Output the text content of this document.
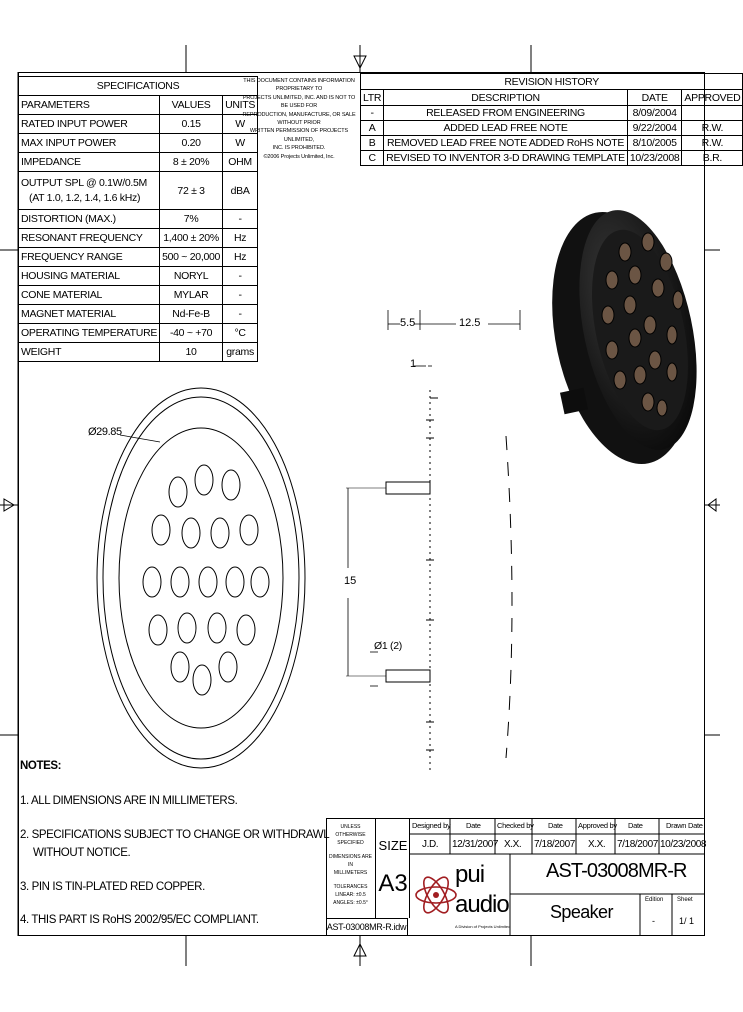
SPECIFICATIONS		
PARAMETERS	VALUES	UNITS
RATED INPUT POWER	0.15	W
MAX INPUT POWER	0.20	W
IMPEDANCE	8 ± 20%	OHM

OUTPUT SPL @ 0.1W/0.5M
(AT 1.0, 1.2, 1.4, 1.6 kHz)	72 ± 3	dBA
DISTORTION (MAX.)	7%	-
RESONANT FREQUENCY	1,400 ± 20%	Hz
FREQUENCY RANGE	500 ~ 20,000	Hz
HOUSING MATERIAL	NORYL	-
CONE MATERIAL	MYLAR	-
MAGNET MATERIAL	Nd-Fe-B	-
OPERATING TEMPERATURE	-40 ~ +70	°C
WEIGHT	10	grams
THIS DOCUMENT CONTAINS INFORMATION PROPRIETARY TO
PROJECTS UNLIMITED, INC. AND IS NOT TO BE USED FOR
REPRODUCTION, MANUFACTURE, OR SALE WITHOUT PRIOR
WRITTEN PERMISSION OF PROJECTS UNLIMITED,
INC. IS PROHIBITED.
©2006 Projects Unlimited, Inc.
REVISION HISTORY			
LTR	DESCRIPTION	DATE	APPROVED
-	RELEASED FROM ENGINEERING	8/09/2004	
A	ADDED LEAD FREE NOTE	9/22/2004	R.W.
B	REMOVED LEAD FREE NOTE ADDED RoHS NOTE	8/10/2005	R.W.
C	REVISED TO INVENTOR 3-D DRAWING TEMPLATE	10/23/2008	B.R.
Ø29.85
5.5	12.5
1
15
Ø1 (2)
NOTES:
1. ALL DIMENSIONS ARE IN MILLIMETERS.
2. SPECIFICATIONS SUBJECT TO CHANGE OR WITHDRAWL
WITHOUT NOTICE.
3. PIN IS TIN-PLATED RED COPPER.
4. THIS PART IS RoHS 2002/95/EC COMPLIANT.
UNLESS OTHERWISE
SPECIFIED
DIMENSIONS ARE IN
MILLIMETERS
TOLERANCES
LINEAR: ±0.5
ANGLES: ±0.5°
AST-03008MR-R.idw
SIZE
A3
Designed by Date Checked by Date Approved by Date	Drawn Date
J.D. 12/31/2007 X.X. 7/18/2007 X.X. 7/18/2007 10/23/2008
pui
audio
A Division of Projects Unlimited
AST-03008MR-R
Speaker
Edition
-
Sheet
1/ 1
